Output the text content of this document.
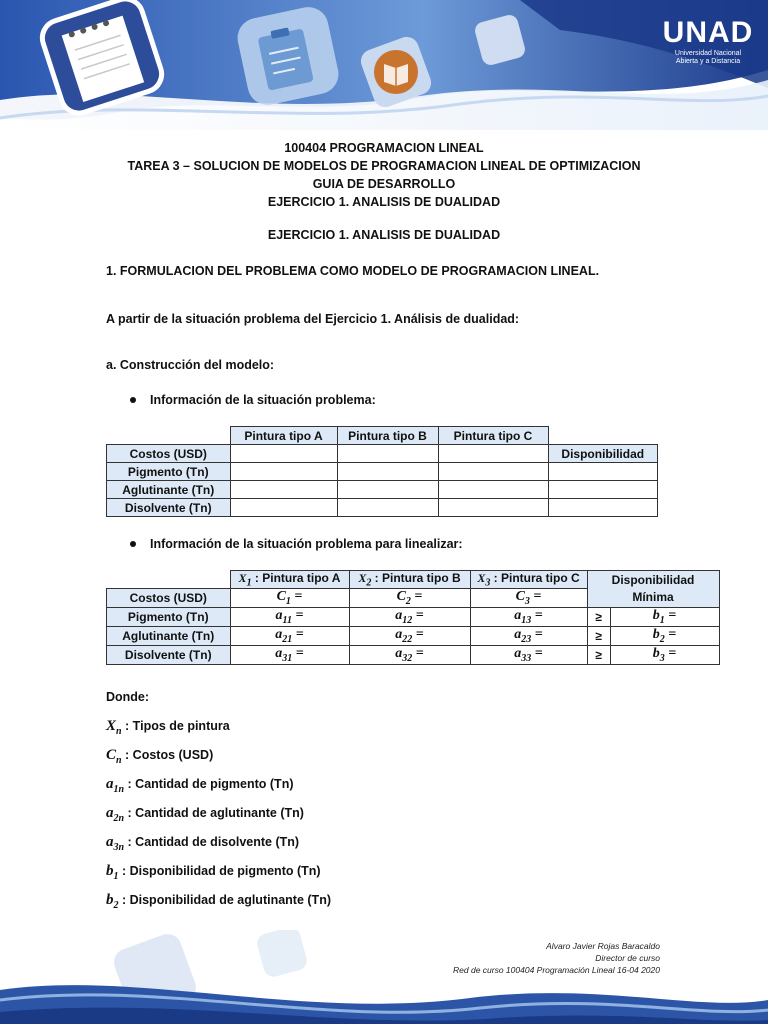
UNAD
Universidad Nacional
Abierta y a Distancia
100404 PROGRAMACION LINEAL
TAREA 3 – SOLUCION DE MODELOS DE PROGRAMACION LINEAL DE OPTIMIZACION
GUIA DE DESARROLLO
EJERCICIO 1. ANALISIS DE DUALIDAD
EJERCICIO 1. ANALISIS DE DUALIDAD
1. FORMULACION DEL PROBLEMA COMO MODELO DE PROGRAMACION LINEAL.
A partir de la situación problema del Ejercicio 1. Análisis de dualidad:
a. Construcción del modelo:
Información de la situación problema:
	Pintura tipo A	Pintura tipo B	Pintura tipo C	
Costos (USD)				Disponibilidad
Pigmento (Tn)				
Aglutinante (Tn)				
Disolvente (Tn)				
Información de la situación problema para linealizar:
	$X_1$ : Pintura tipo A	$X_2$ : Pintura tipo B	$X_3$ : Pintura tipo C	Disponibilidad Mínima	
Costos (USD)	$C_1$ =	$C_2$ =	$C_3$ =		
Pigmento (Tn)	$a_{11}$ =	$a_{12}$ =	$a_{13}$ =	≥	$b_1$ =
Aglutinante (Tn)	$a_{21}$ =	$a_{22}$ =	$a_{23}$ =	≥	$b_2$ =
Disolvente (Tn)	$a_{31}$ =	$a_{32}$ =	$a_{33}$ =	≥	$b_3$ =
Donde:
$X_n$ : Tipos de pintura
$C_n$ : Costos (USD)
$a_{1n}$ : Cantidad de pigmento (Tn)
$a_{2n}$ : Cantidad de aglutinante (Tn)
$a_{3n}$ : Cantidad de disolvente (Tn)
$b_1$ : Disponibilidad de pigmento (Tn)
$b_2$ : Disponibilidad de aglutinante (Tn)
Alvaro Javier Rojas Baracaldo
Director de curso
Red de curso 100404 Programación Lineal 16-04 2020
